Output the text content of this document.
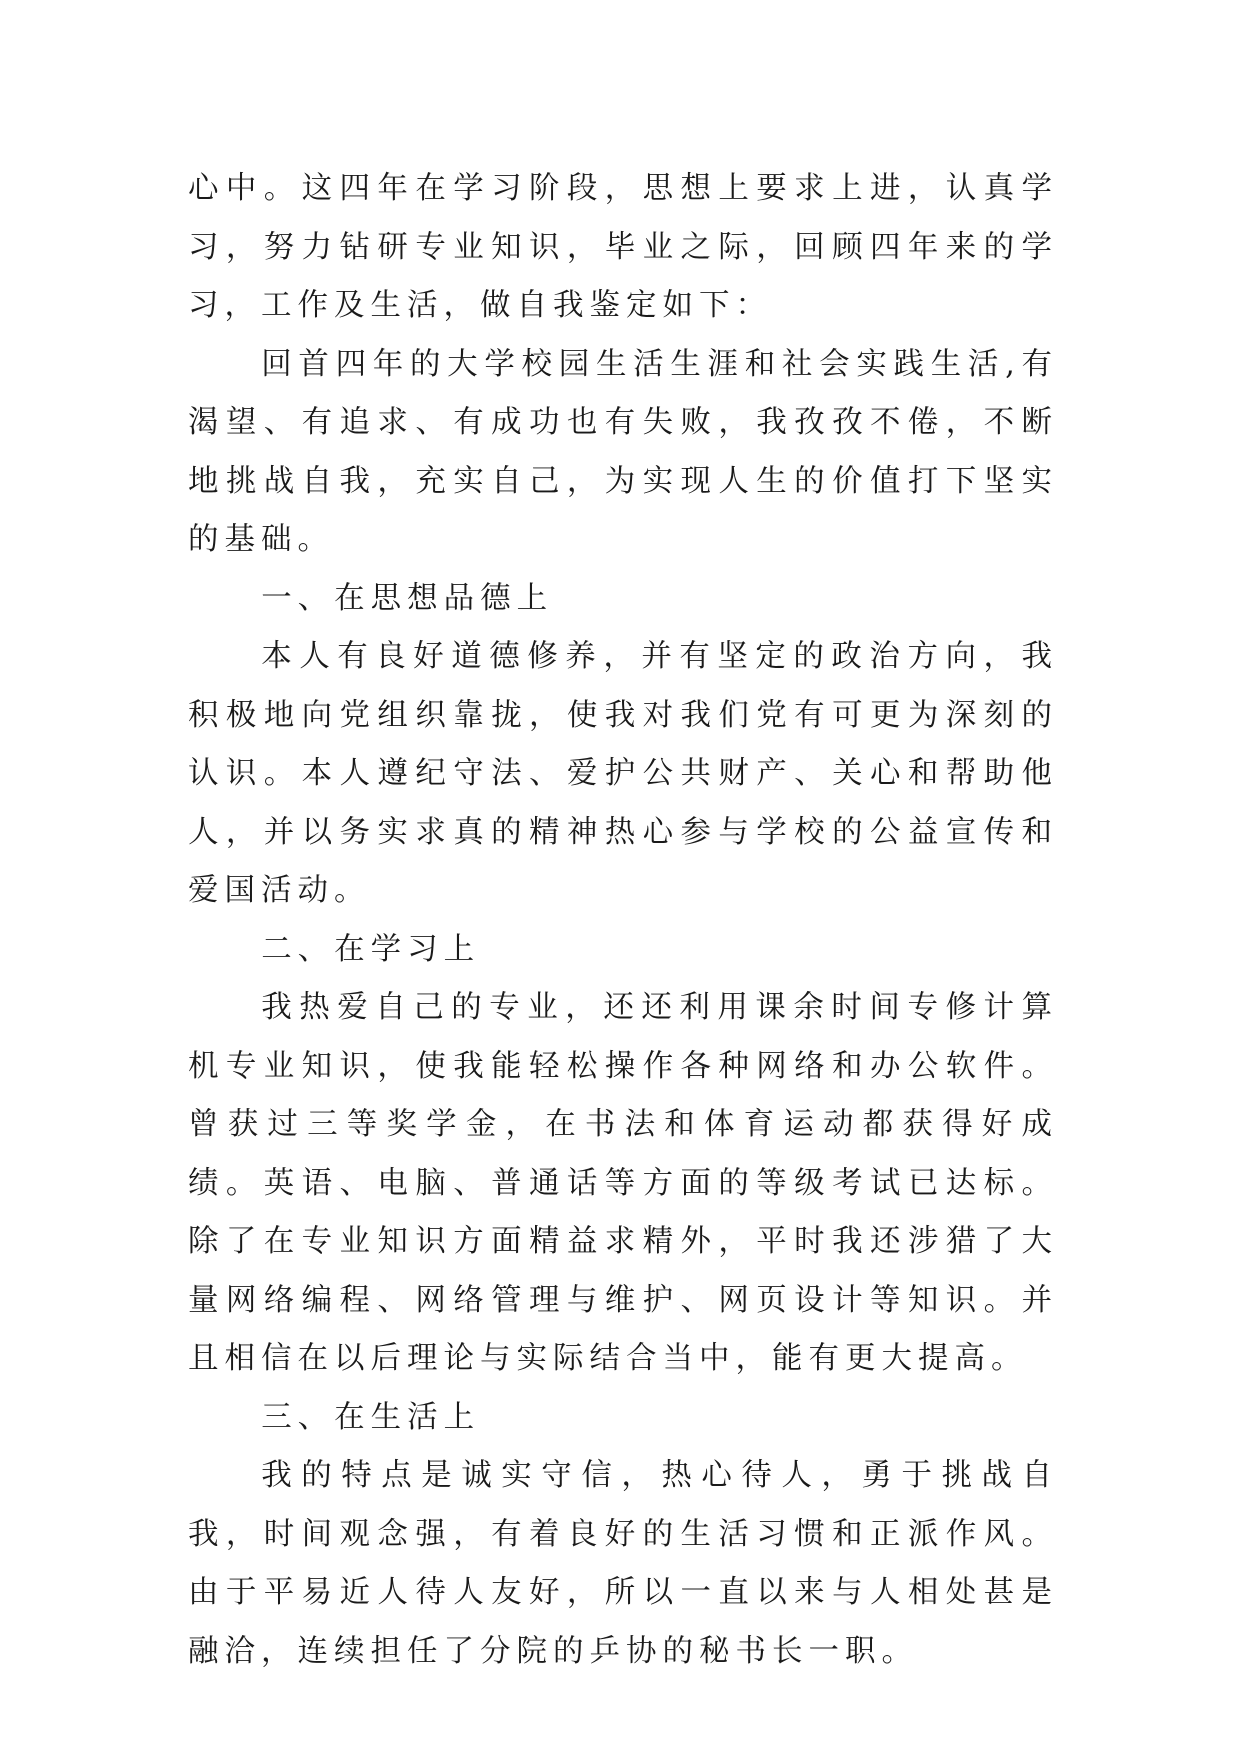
心中。这四年在学习阶段，思想上要求上进，认真学习，努力钻研专业知识，毕业之际，回顾四年来的学习，工作及生活，做自我鉴定如下：

回首四年的大学校园生活生涯和社会实践生活,有渴望、有追求、有成功也有失败，我孜孜不倦，不断地挑战自我，充实自己，为实现人生的价值打下坚实的基础。

一、在思想品德上

本人有良好道德修养，并有坚定的政治方向，我积极地向党组织靠拢，使我对我们党有可更为深刻的认识。本人遵纪守法、爱护公共财产、关心和帮助他人，并以务实求真的精神热心参与学校的公益宣传和爱国活动。

二、在学习上

我热爱自己的专业，还还利用课余时间专修计算机专业知识，使我能轻松操作各种网络和办公软件。曾获过三等奖学金，在书法和体育运动都获得好成绩。英语、电脑、普通话等方面的等级考试已达标。除了在专业知识方面精益求精外，平时我还涉猎了大量网络编程、网络管理与维护、网页设计等知识。并且相信在以后理论与实际结合当中，能有更大提高。

三、在生活上

我的特点是诚实守信，热心待人，勇于挑战自我，时间观念强，有着良好的生活习惯和正派作风。由于平易近人待人友好，所以一直以来与人相处甚是融洽，连续担任了分院的乒协的秘书长一职。
